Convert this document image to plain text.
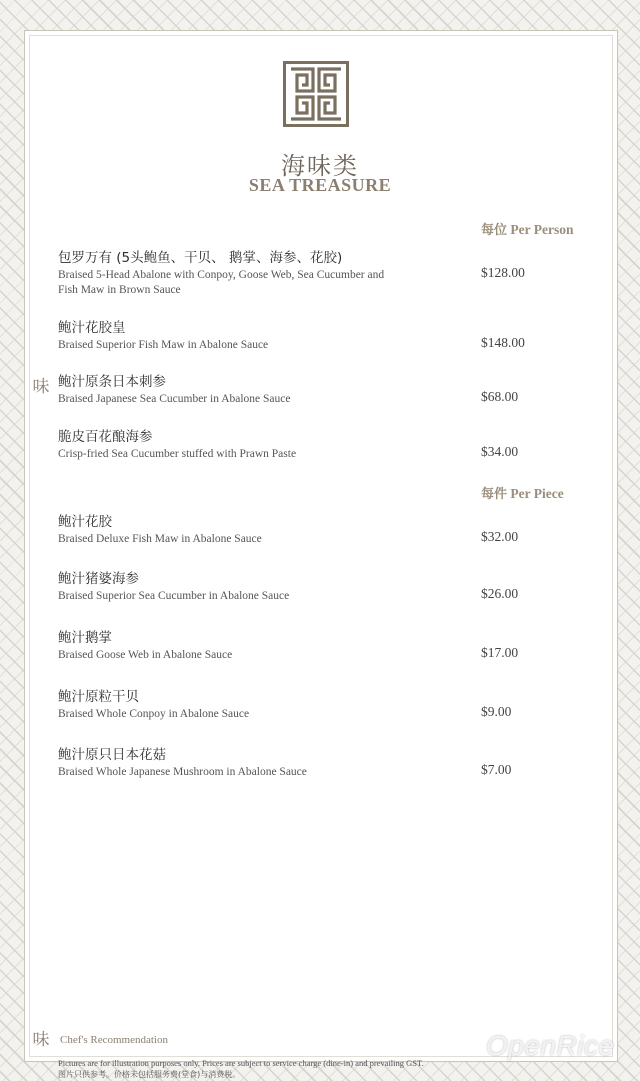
海味类
SEA TREASURE
每位 Per Person
包罗万有 (5头鲍鱼、干贝、 鹅掌、海参、花胶)
Braised 5-Head Abalone with Conpoy, Goose Web, Sea Cucumber and Fish Maw in Brown Sauce
$128.00
鲍汁花胶皇
Braised Superior Fish Maw in Abalone Sauce	$148.00
味 鲍汁原条日本刺参
Braised Japanese Sea Cucumber in Abalone Sauce	$68.00
脆皮百花酿海参
Crisp-fried Sea Cucumber stuffed with Prawn Paste	$34.00
每件 Per Piece
鲍汁花胶
Braised Deluxe Fish Maw in Abalone Sauce	$32.00
鲍汁猪婆海参
Braised Superior Sea Cucumber in Abalone Sauce	$26.00
鲍汁鹅掌
Braised Goose Web in Abalone Sauce	$17.00
鲍汁原粒干贝
Braised Whole Conpoy in Abalone Sauce	$9.00
鲍汁原只日本花菇
Braised Whole Japanese Mushroom in Abalone Sauce	$7.00
味 Chef's Recommendation
Pictures are for illustration purposes only. Prices are subject to service charge (dine-in) and prevailing GST.
图片只供参考。价格未包括服务费(堂食)与消费税。
OpenRice
